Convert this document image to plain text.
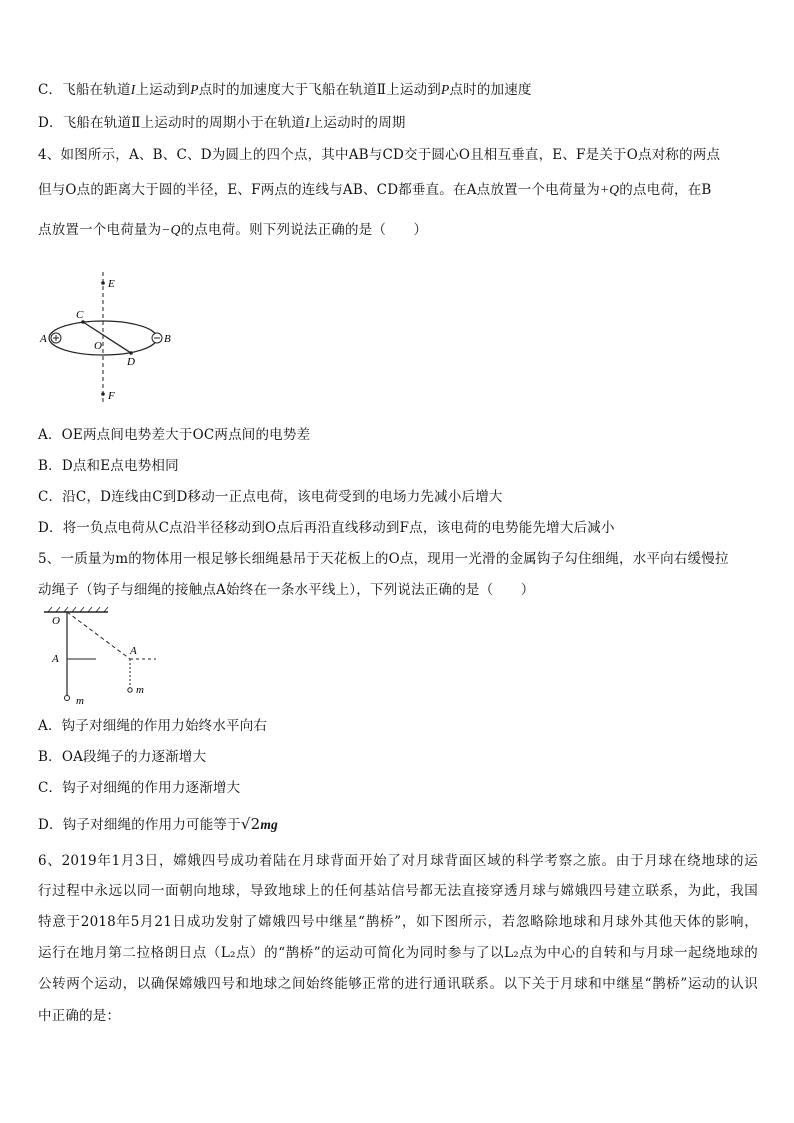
C．飞船在轨道I上运动到P点时的加速度大于飞船在轨道Ⅱ上运动到P点时的加速度
D．飞船在轨道Ⅱ上运动时的周期小于在轨道I上运动时的周期
4、如图所示，A、B、C、D为圆上的四个点，其中AB与CD交于圆心O且相互垂直，E、F是关于O点对称的两点
但与O点的距离大于圆的半径，E、F两点的连线与AB、CD都垂直。在A点放置一个电荷量为+Q的点电荷，在B
点放置一个电荷量为−Q的点电荷。则下列说法正确的是（　　）
E
F
A	B
C
D
O
A．OE两点间电势差大于OC两点间的电势差
B．D点和E点电势相同
C．沿C，D连线由C到D移动一正点电荷，该电荷受到的电场力先减小后增大
D．将一负点电荷从C点沿半径移动到O点后再沿直线移动到F点，该电荷的电势能先增大后减小
5、一质量为m的物体用一根足够长细绳悬吊于天花板上的O点，现用一光滑的金属钩子勾住细绳，水平向右缓慢拉
动绳子（钩子与细绳的接触点A始终在一条水平线上），下列说法正确的是（　　）
O
A
A
m
m
A．钩子对细绳的作用力始终水平向右
B．OA段绳子的力逐渐增大
C．钩子对细绳的作用力逐渐增大
D．钩子对细绳的作用力可能等于√2mg
6、2019年1月3日，嫦娥四号成功着陆在月球背面开始了对月球背面区域的科学考察之旅。由于月球在绕地球的运
行过程中永远以同一面朝向地球，导致地球上的任何基站信号都无法直接穿透月球与嫦娥四号建立联系，为此，我国
特意于2018年5月21日成功发射了嫦娥四号中继星“鹊桥”，如下图所示，若忽略除地球和月球外其他天体的影响，
运行在地月第二拉格朗日点（L₂点）的“鹊桥”的运动可简化为同时参与了以L₂点为中心的自转和与月球一起绕地球的
公转两个运动，以确保嫦娥四号和地球之间始终能够正常的进行通讯联系。以下关于月球和中继星“鹊桥”运动的认识
中正确的是：
